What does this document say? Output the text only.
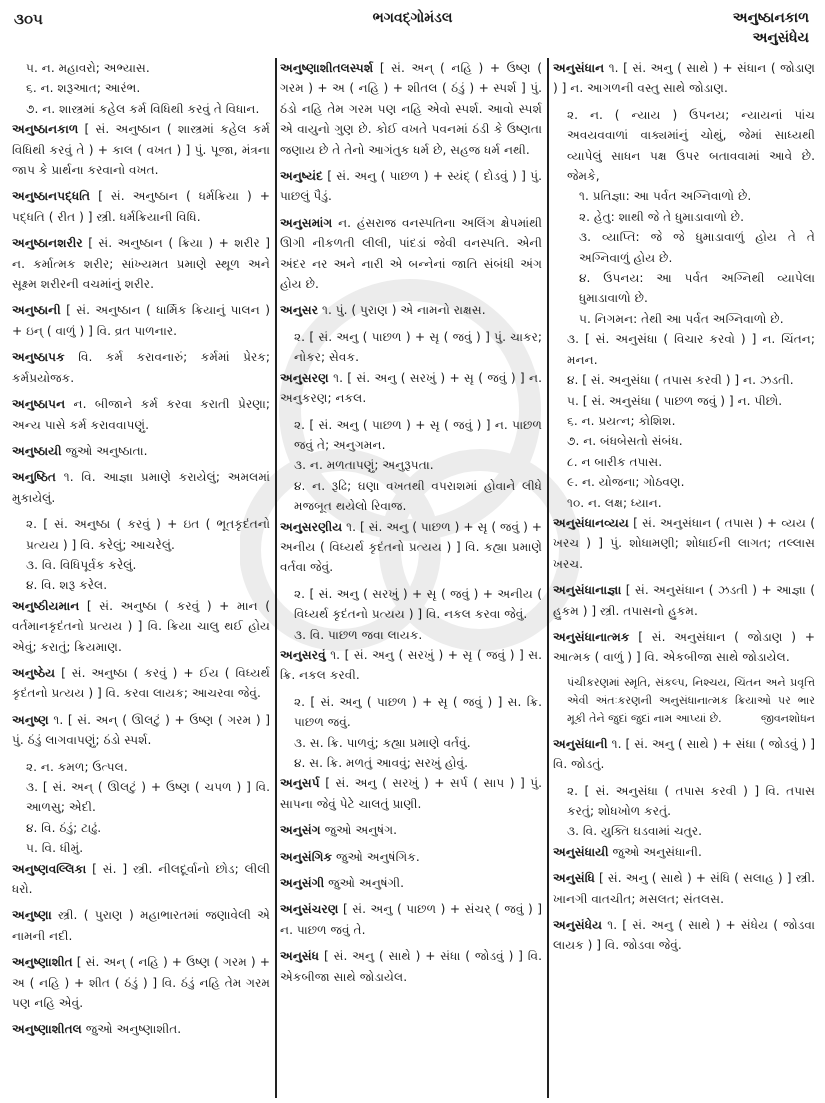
૩૦૫	ભગવદ્ગોમંડલ	અનુષ્ઠાનકાળ
અનુસંધેય
૫. ન. મહાવરો; અભ્યાસ.
૬. ન. શરૂઆત; આરંભ.
૭. ન. શાસ્ત્રમાં કહેલ કર્મ વિધિથી કરવું તે વિધાન.
અનુષ્ઠાનકાળ [ સં. અનુષ્ઠાન ( શાસ્ત્રમાં કહેલ કર્મ વિધિથી કરવું તે ) + કાલ ( વખત ) ] પું. પૂજા, મંત્રના જાપ કે પ્રાર્થના કરવાનો વખત.
અનુષ્ઠાનપદ્ધતિ [ સં. અનુષ્ઠાન ( ધર્મક્રિયા ) + પદ્ધતિ ( રીત ) ] સ્ત્રી. ધર્મક્રિયાની વિધિ.
અનુષ્ઠાનશરીર [ સં. અનુષ્ઠાન ( ક્રિયા ) + શરીર ] ન. કર્માત્મક શરીર; સાંખ્યમત પ્રમાણે સ્થૂળ અને સૂક્ષ્મ શરીરની વચમાંનું શરીર.
અનુષ્ઠાની [ સં. અનુષ્ઠાન ( ધાર્મિક ક્રિયાનું પાલન ) + ઇન્ ( વાળું ) ] વિ. વ્રત પાળનાર.
અનુષ્ઠાપક વિ. કર્મ કરાવનારું; કર્મમાં પ્રેરક; કર્મપ્રયોજક.
અનુષ્ઠાપન ન. બીજાને કર્મ કરવા કરાતી પ્રેરણા; અન્ય પાસે કર્મ કરાવવાપણું.
અનુષ્ઠાયી જુઓ અનુષ્ઠાતા.
અનુષ્ઠિત ૧. વિ. આજ્ઞા પ્રમાણે કરાયેલું; અમલમાં મુકાયેલું.
૨. [ સં. અનુષ્ઠા ( કરવું ) + ઇત ( ભૂતકૃદંતનો પ્રત્યય ) ] વિ. કરેલું; આચરેલું.
૩. વિ. વિધિપૂર્વક કરેલું.
૪. વિ. શરૂ કરેલ.
અનુષ્ઠીયમાન [ સં. અનુષ્ઠા ( કરવું ) + માન ( વર્તમાનકૃદંતનો પ્રત્યય ) ] વિ. ક્રિયા ચાલુ થઈ હોય એવું; કરાતું; ક્રિયમાણ.
અનુષ્ઠેય [ સં. અનુષ્ઠા ( કરવું ) + ઈય ( વિધ્યર્થ કૃદંતનો પ્રત્યય ) ] વિ. કરવા લાયક; આચરવા જેવું.
અનુષ્ણ ૧. [ સં. અન્ ( ઊલટું ) + ઉષ્ણ ( ગરમ ) ] પું. ઠંડું લાગવાપણું; ઠંડો સ્પર્શ.
૨. ન. કમળ; ઉત્પલ.
૩. [ સં. અન્ ( ઊલટું ) + ઉષ્ણ ( ચપળ ) ] વિ. આળસુ; એદી.
૪. વિ. ઠંડું; ટાઢું.
૫. વિ. ધીમું.
અનુષ્ણવલ્લિકા [ સં. ] સ્ત્રી. નીલદૂર્વાનો છોડ; લીલી ધરો.
અનુષ્ણા સ્ત્રી. ( પુરાણ ) મહાભારતમાં જણાવેલી એ નામની નદી.
અનુષ્ણાશીત [ સં. અન્ ( નહિ ) + ઉષ્ણ ( ગરમ ) + અ ( નહિ ) + શીત ( ઠંડું ) ] વિ. ઠંડું નહિ તેમ ગરમ પણ નહિ એવું.
અનુષ્ણાશીતલ જુઓ અનુષ્ણાશીત.
અનુષ્ણાશીતલસ્પર્શ [ સં. અન્ ( નહિ ) + ઉષ્ણ ( ગરમ ) + અ ( નહિ ) + શીતલ ( ઠંડું ) + સ્પર્શ ] પું. ઠંડો નહિ તેમ ગરમ પણ નહિ એવો સ્પર્શ. આવો સ્પર્શ એ વાયુનો ગુણ છે. કોઈ વખતે પવનમાં ઠંડી કે ઉષ્ણતા જણાય છે તે તેનો આગંતુક ધર્મ છે, સહજ ધર્મ નથી.
અનુષ્યંદ [ સં. અનુ ( પાછળ ) + સ્યંદ્ ( દોડવું ) ] પું. પાછલું પૈડું.
અનુસમાંગ ન. હંસરાજ વનસ્પતિના અલિંગ ક્ષેપમાંથી ઊગી નીકળતી લીલી, પાંદડાં જેવી વનસ્પતિ. એની અંદર નર અને નારી એ બન્નેનાં જાતિ સંબંધી અંગ હોય છે.
અનુસર ૧. પું. ( પુરાણ ) એ નામનો રાક્ષસ.
૨. [ સં. અનુ ( પાછળ ) + સૃ ( જવું ) ] પું. ચાકર; નોકર; સેવક.
અનુસરણ ૧. [ સં. અનુ ( સરખું ) + સૃ ( જવું ) ] ન. અનુકરણ; નકલ.
૨. [ સં. અનુ ( પાછળ ) + સૃ ( જવું ) ] ન. પાછળ જવું તે; અનુગમન.
૩. ન. મળતાપણું; અનુરૂપતા.
૪. ન. રૂઢિ; ઘણા વખતથી વપરાશમાં હોવાને લીધે મજબૂત થયેલો રિવાજ.
અનુસરણીય ૧. [ સં. અનુ ( પાછળ ) + સૃ ( જવું ) + અનીય ( વિધ્યર્થ કૃદંતનો પ્રત્યય ) ] વિ. કહ્યા પ્રમાણે વર્તવા જેવું.
૨. [ સં. અનુ ( સરખું ) + સૃ ( જવું ) + અનીય ( વિધ્યર્થ કૃદંતનો પ્રત્યય ) ] વિ. નકલ કરવા જેવું.
૩. વિ. પાછળ જવા લાયક.
અનુસરવું ૧. [ સં. અનુ ( સરખું ) + સૃ ( જવું ) ] સ. ક્રિ. નકલ કરવી.
૨. [ સં. અનુ ( પાછળ ) + સૃ ( જવું ) ] સ. ક્રિ. પાછળ જવું.
૩. સ. ક્રિ. પાળવું; કહ્યા પ્રમાણે વર્તવું.
૪. સ. ક્રિ. મળતું આવવું; સરખું હોવું.
અનુસર્પ [ સં. અનુ ( સરખું ) + સર્પ ( સાપ ) ] પું. સાપના જેવું પેટે ચાલતું પ્રાણી.
અનુસંગ જુઓ અનુષંગ.
અનુસંગિક જુઓ અનુષંગિક.
અનુસંગી જુઓ અનુષંગી.
અનુસંચરણ [ સં. અનુ ( પાછળ ) + સંચર્ ( જવું ) ] ન. પાછળ જવું તે.
અનુસંધ [ સં. અનુ ( સાથે ) + સંધા ( જોડવું ) ] વિ. એકબીજા સાથે જોડાયેલ.
અનુસંધાન ૧. [ સં. અનુ ( સાથે ) + સંધાન ( જોડાણ ) ] ન. આગળની વસ્તુ સાથે જોડાણ.
૨. ન. ( ન્યાય ) ઉપનય; ન્યાયનાં પાંચ અવયવવાળાં વાક્યમાંનું ચોથું, જેમાં સાધ્યથી વ્યાપેલું સાધન પક્ષ ઉપર બતાવવામાં આવે છે. જેમકે,
૧. પ્રતિજ્ઞા: આ પર્વત અગ્નિવાળો છે.
૨. હેતુ: શાથી જે તે ધુમાડાવાળો છે.
૩. વ્યાપ્તિ: જે જે ધુમાડાવાળું હોય તે તે અગ્નિવાળું હોય છે.
૪. ઉપનય: આ પર્વત અગ્નિથી વ્યાપેલા ધુમાડાવાળો છે.
૫. નિગમન: તેથી આ પર્વત અગ્નિવાળો છે.
૩. [ સં. અનુસંધા ( વિચાર કરવો ) ] ન. ચિંતન; મનન.
૪. [ સં. અનુસંધા ( તપાસ કરવી ) ] ન. ઝડતી.
૫. [ સં. અનુસંધા ( પાછળ જવું ) ] ન. પીછો.
૬. ન. પ્રયત્ન; કોશિશ.
૭. ન. બંધબેસતો સંબંધ.
૮. ન બારીક તપાસ.
૯. ન. યોજના; ગોઠવણ.
૧૦. ન. લક્ષ; ધ્યાન.
અનુસંધાનવ્યય [ સં. અનુસંધાન ( તપાસ ) + વ્યય ( ખરચ ) ] પું. શોધામણી; શોધાઈની લાગત; તલ્લાસ ખરચ.
અનુસંધાનાજ્ઞા [ સં. અનુસંધાન ( ઝડતી ) + આજ્ઞા ( હુકમ ) ] સ્ત્રી. તપાસનો હુકમ.
અનુસંધાનાત્મક [ સં. અનુસંધાન ( જોડાણ ) + આત્મક ( વાળું ) ] વિ. એકબીજા સાથે જોડાયેલ.
પંચીકરણમાં સ્મૃતિ, સંકલ્પ, નિશ્ચય, ચિંતન અને પ્રવૃત્તિ એવી અંતઃકરણની અનુસંધાનાત્મક ક્રિયાઓ પર ભાર મૂકી તેને જુદાં જુદાં નામ આપ્યાં છે.	જીવનશોધન
અનુસંધાની ૧. [ સં. અનુ ( સાથે ) + સંધા ( જોડવું ) ] વિ. જોડતું.
૨. [ સં. અનુસંધા ( તપાસ કરવી ) ] વિ. તપાસ કરતું; શોધખોળ કરતું.
૩. વિ. યુક્તિ ઘડવામાં ચતુર.
અનુસંધાયી જુઓ અનુસંધાની.
અનુસંધિ [ સં. અનુ ( સાથે ) + સંધિ ( સલાહ ) ] સ્ત્રી. ખાનગી વાતચીત; મસલત; સંતલસ.
અનુસંધેય ૧. [ સં. અનુ ( સાથે ) + સંધેય ( જોડવા લાયક ) ] વિ. જોડવા જેવું.
